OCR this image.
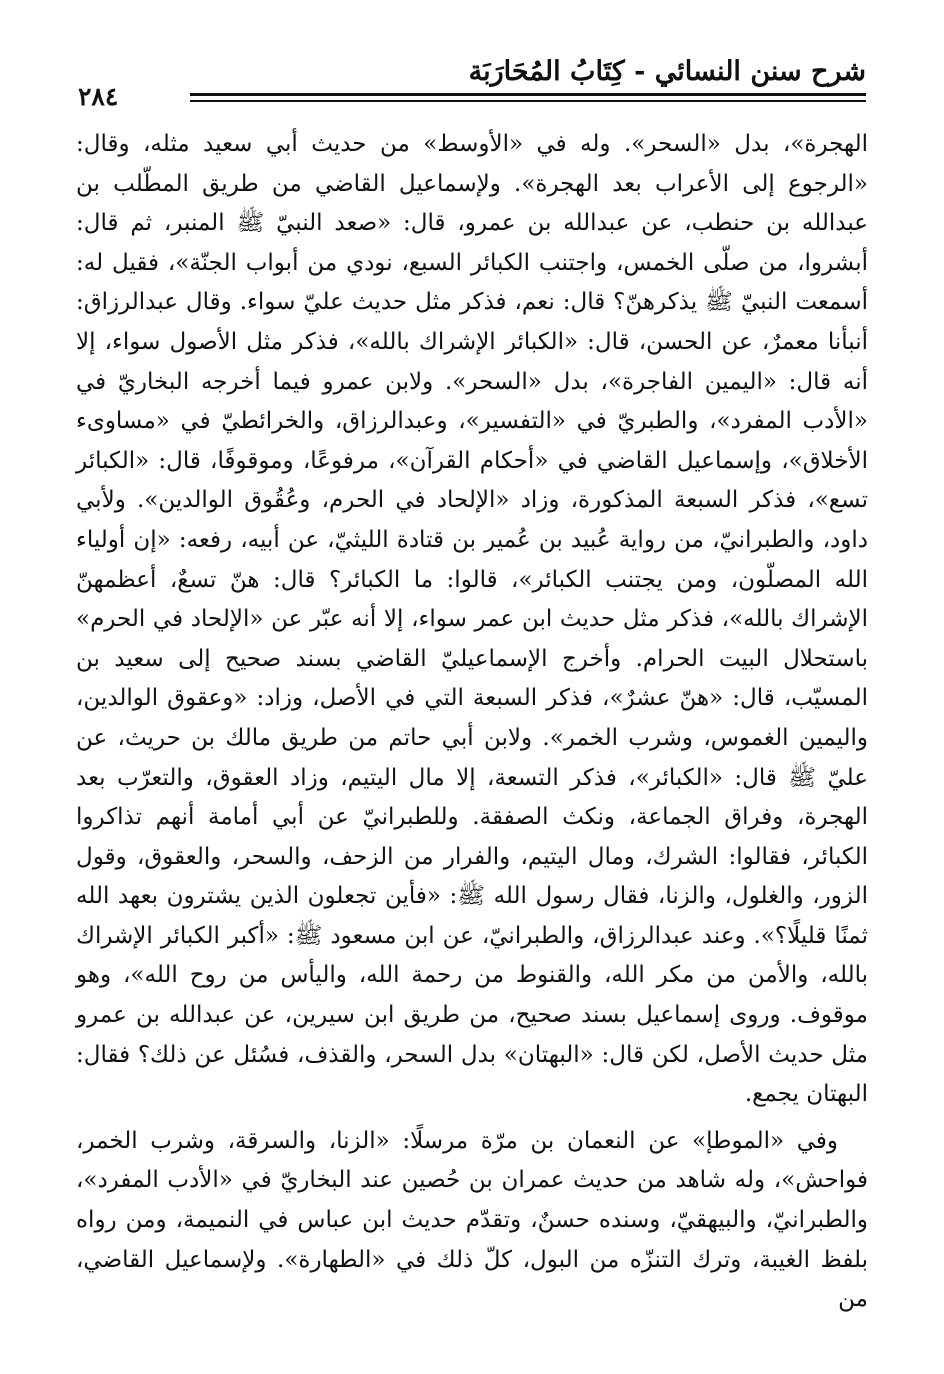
شرح سنن النسائي - كِتَابُ المُحَارَبَة
٢٨٤

الهجرة»، بدل «السحر». وله في «الأوسط» من حديث أبي سعيد مثله، وقال: «الرجوع إلى الأعراب بعد الهجرة». ولإسماعيل القاضي من طريق المطّلب بن عبدالله بن حنطب، عن عبدالله بن عمرو، قال: «صعد النبيّ ﷺ المنبر، ثم قال: أبشروا، من صلّى الخمس، واجتنب الكبائر السبع، نودي من أبواب الجنّة»، فقيل له: أسمعت النبيّ ﷺ يذكرهنّ؟ قال: نعم، فذكر مثل حديث عليّ سواء. وقال عبدالرزاق: أنبأنا معمرٌ، عن الحسن، قال: «الكبائر الإشراك بالله»، فذكر مثل الأصول سواء، إلا أنه قال: «اليمين الفاجرة»، بدل «السحر». ولابن عمرو فيما أخرجه البخاريّ في «الأدب المفرد»، والطبريّ في «التفسير»، وعبدالرزاق، والخرائطيّ في «مساوىء الأخلاق»، وإسماعيل القاضي في «أحكام القرآن»، مرفوعًا، وموقوفًا، قال: «الكبائر تسع»، فذكر السبعة المذكورة، وزاد «الإلحاد في الحرم، وعُقُوق الوالدين». ولأبي داود، والطبرانيّ، من رواية عُبيد بن عُمير بن قتادة الليثيّ، عن أبيه، رفعه: «إن أولياء الله المصلّون، ومن يجتنب الكبائر»، قالوا: ما الكبائر؟ قال: هنّ تسعٌ، أعظمهنّ الإشراك بالله»، فذكر مثل حديث ابن عمر سواء، إلا أنه عبّر عن «الإلحاد في الحرم» باستحلال البيت الحرام. وأخرج الإسماعيليّ القاضي بسند صحيح إلى سعيد بن المسيّب، قال: «هنّ عشرٌ»، فذكر السبعة التي في الأصل، وزاد: «وعقوق الوالدين، واليمين الغموس، وشرب الخمر». ولابن أبي حاتم من طريق مالك بن حريث، عن عليّ ﷺ قال: «الكبائر»، فذكر التسعة، إلا مال اليتيم، وزاد العقوق، والتعرّب بعد الهجرة، وفراق الجماعة، ونكث الصفقة. وللطبرانيّ عن أبي أمامة أنهم تذاكروا الكبائر، فقالوا: الشرك، ومال اليتيم، والفرار من الزحف، والسحر، والعقوق، وقول الزور، والغلول، والزنا، فقال رسول الله ﷺ: «فأين تجعلون الذين يشترون بعهد الله ثمنًا قليلًا؟». وعند عبدالرزاق، والطبرانيّ، عن ابن مسعود ﷺ: «أكبر الكبائر الإشراك بالله، والأمن من مكر الله، والقنوط من رحمة الله، واليأس من روح الله»، وهو موقوف. وروى إسماعيل بسند صحيح، من طريق ابن سيرين، عن عبدالله بن عمرو مثل حديث الأصل، لكن قال: «البهتان» بدل السحر، والقذف، فسُئل عن ذلك؟ فقال: البهتان يجمع.

وفي «الموطإ» عن النعمان بن مرّة مرسلًا: «الزنا، والسرقة، وشرب الخمر، فواحش»، وله شاهد من حديث عمران بن حُصين عند البخاريّ في «الأدب المفرد»، والطبرانيّ، والبيهقيّ، وسنده حسنٌ، وتقدّم حديث ابن عباس في النميمة، ومن رواه بلفظ الغيبة، وترك التنزّه من البول، كلّ ذلك في «الطهارة». ولإسماعيل القاضي، من
